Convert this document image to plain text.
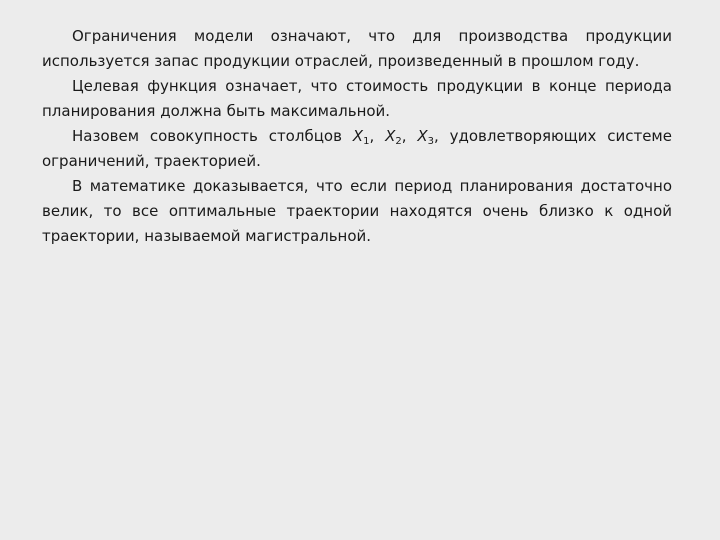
Ограничения модели означают, что для производства продукции используется запас продукции отраслей, произведенный в прошлом году.

Целевая функция означает, что стоимость продукции в конце периода планирования должна быть максимальной.

Назовем совокупность столбцов $X_1$, $X_2$, $X_3$, удовлетворяющих системе ограничений, траекторией.

В математике доказывается, что если период планирования достаточно велик, то все оптимальные траектории находятся очень близко к одной траектории, называемой магистральной.
